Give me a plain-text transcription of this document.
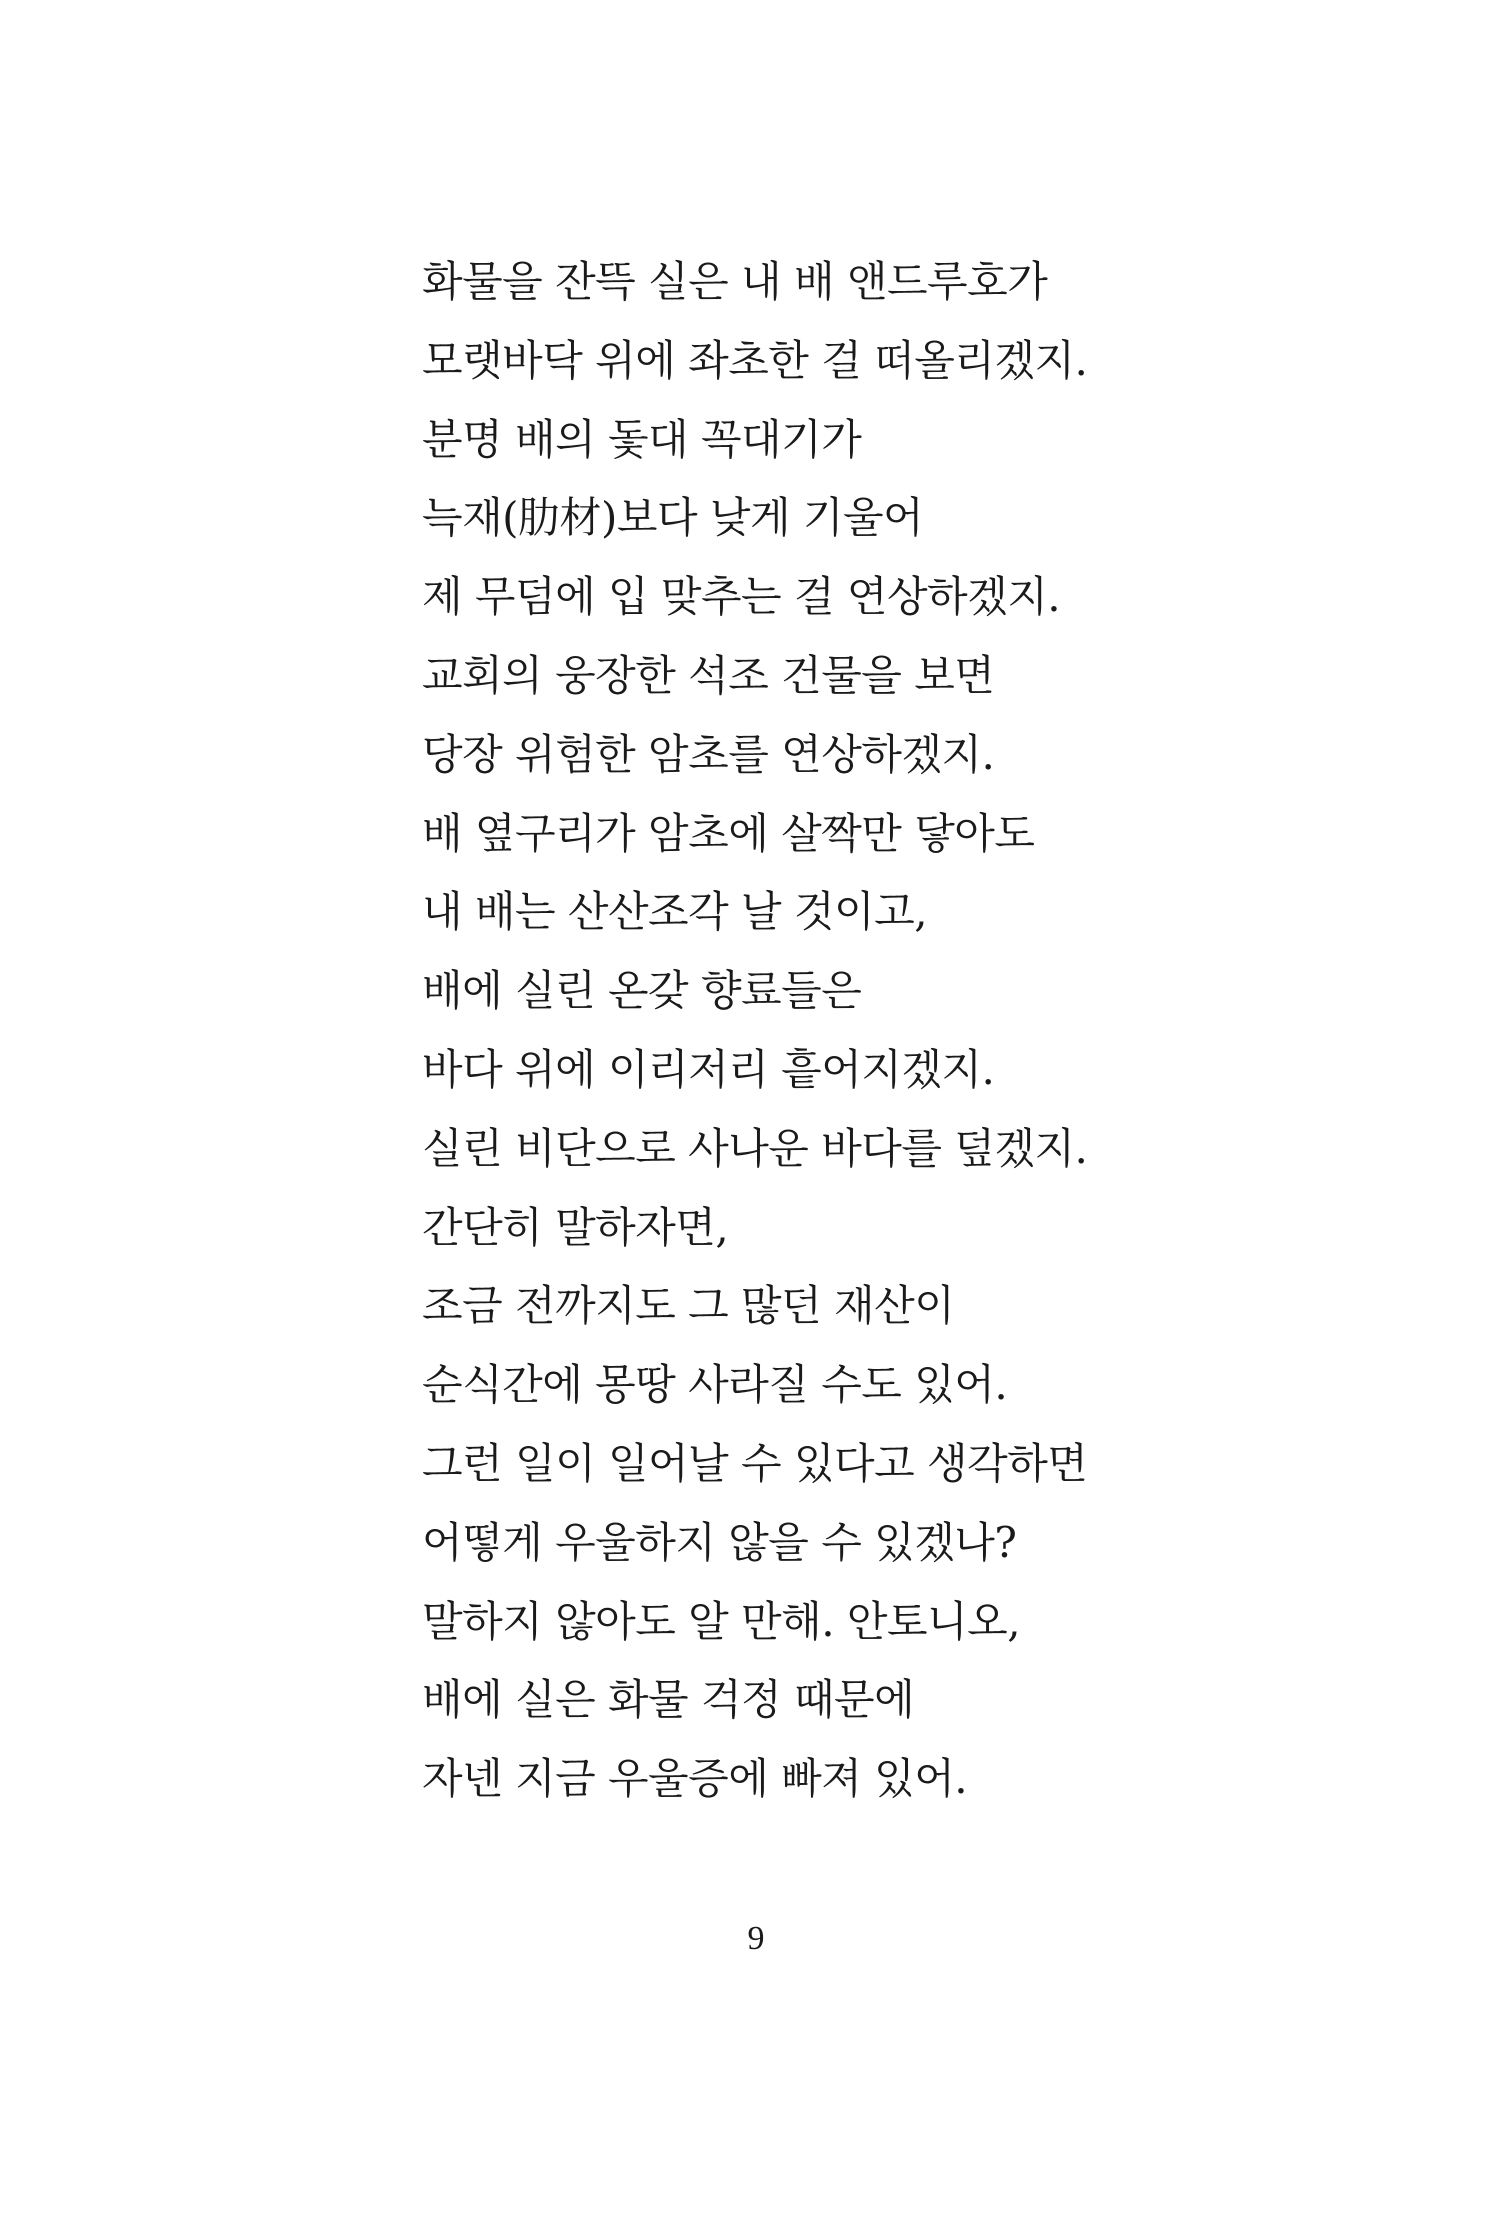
화물을 잔뜩 실은 내 배 앤드루호가
모랫바닥 위에 좌초한 걸 떠올리겠지.
분명 배의 돛대 꼭대기가
늑재(肋材)보다 낮게 기울어
제 무덤에 입 맞추는 걸 연상하겠지.
교회의 웅장한 석조 건물을 보면
당장 위험한 암초를 연상하겠지.
배 옆구리가 암초에 살짝만 닿아도
내 배는 산산조각 날 것이고,
배에 실린 온갖 향료들은
바다 위에 이리저리 흩어지겠지.
실린 비단으로 사나운 바다를 덮겠지.
간단히 말하자면,
조금 전까지도 그 많던 재산이
순식간에 몽땅 사라질 수도 있어.
그런 일이 일어날 수 있다고 생각하면
어떻게 우울하지 않을 수 있겠나?
말하지 않아도 알 만해. 안토니오,
배에 실은 화물 걱정 때문에
자넨 지금 우울증에 빠져 있어.
9
